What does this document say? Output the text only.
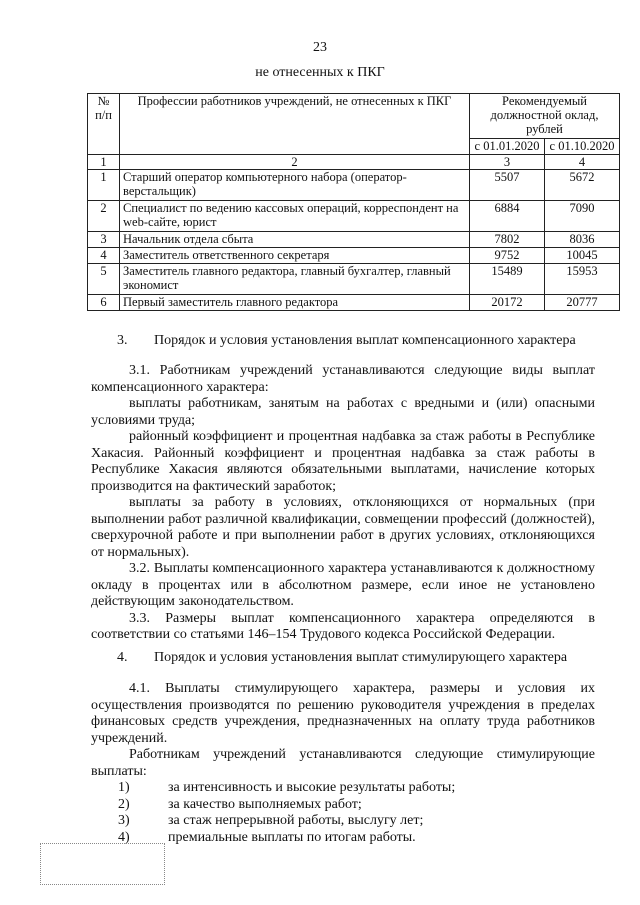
23
не отнесенных к ПКГ
№ п/п	Профессии работников учреждений, не отнесенных к ПКГ	Рекомендуемый должностной оклад,
рублей	

		с 01.01.2020	с 01.10.2020
1	2	3	4
1	Старший оператор компьютерного набора (оператор-верстальщик)	5507	5672
2	Специалист по ведению кассовых операций, корреспондент на web-сайте, юрист	6884	7090
3	Начальник отдела сбыта	7802	8036
4	Заместитель ответственного секретаря	9752	10045
5	Заместитель главного редактора, главный бухгалтер, главный экономист	15489	15953
6	Первый заместитель главного редактора	20172	20777
3. Порядок и условия установления выплат компенсационного характера
3.1. Работникам учреждений устанавливаются следующие виды выплат компенсационного характера:
выплаты работникам, занятым на работах с вредными и (или) опасными условиями труда;
районный коэффициент и процентная надбавка за стаж работы в Республике Хакасия. Районный коэффициент и процентная надбавка за стаж работы в Республике Хакасия являются обязательными выплатами, начисление которых производится на фактический заработок;
выплаты за работу в условиях, отклоняющихся от нормальных (при выполнении работ различной квалификации, совмещении профессий (должностей), сверхурочной работе и при выполнении работ в других условиях, отклоняющихся от нормальных).
3.2. Выплаты компенсационного характера устанавливаются к должностному окладу в процентах или в абсолютном размере, если иное не установлено действующим законодательством.
3.3. Размеры выплат компенсационного характера определяются в соответствии со статьями 146–154 Трудового кодекса Российской Федерации.
4. Порядок и условия установления выплат стимулирующего характера
4.1. Выплаты стимулирующего характера, размеры и условия их осуществления производятся по решению руководителя учреждения в пределах финансовых средств учреждения, предназначенных на оплату труда работников учреждений.
Работникам учреждений устанавливаются следующие стимулирующие выплаты:
1)	за интенсивность и высокие результаты работы;
2)	за качество выполняемых работ;
3)	за стаж непрерывной работы, выслугу лет;
4)	премиальные выплаты по итогам работы.
